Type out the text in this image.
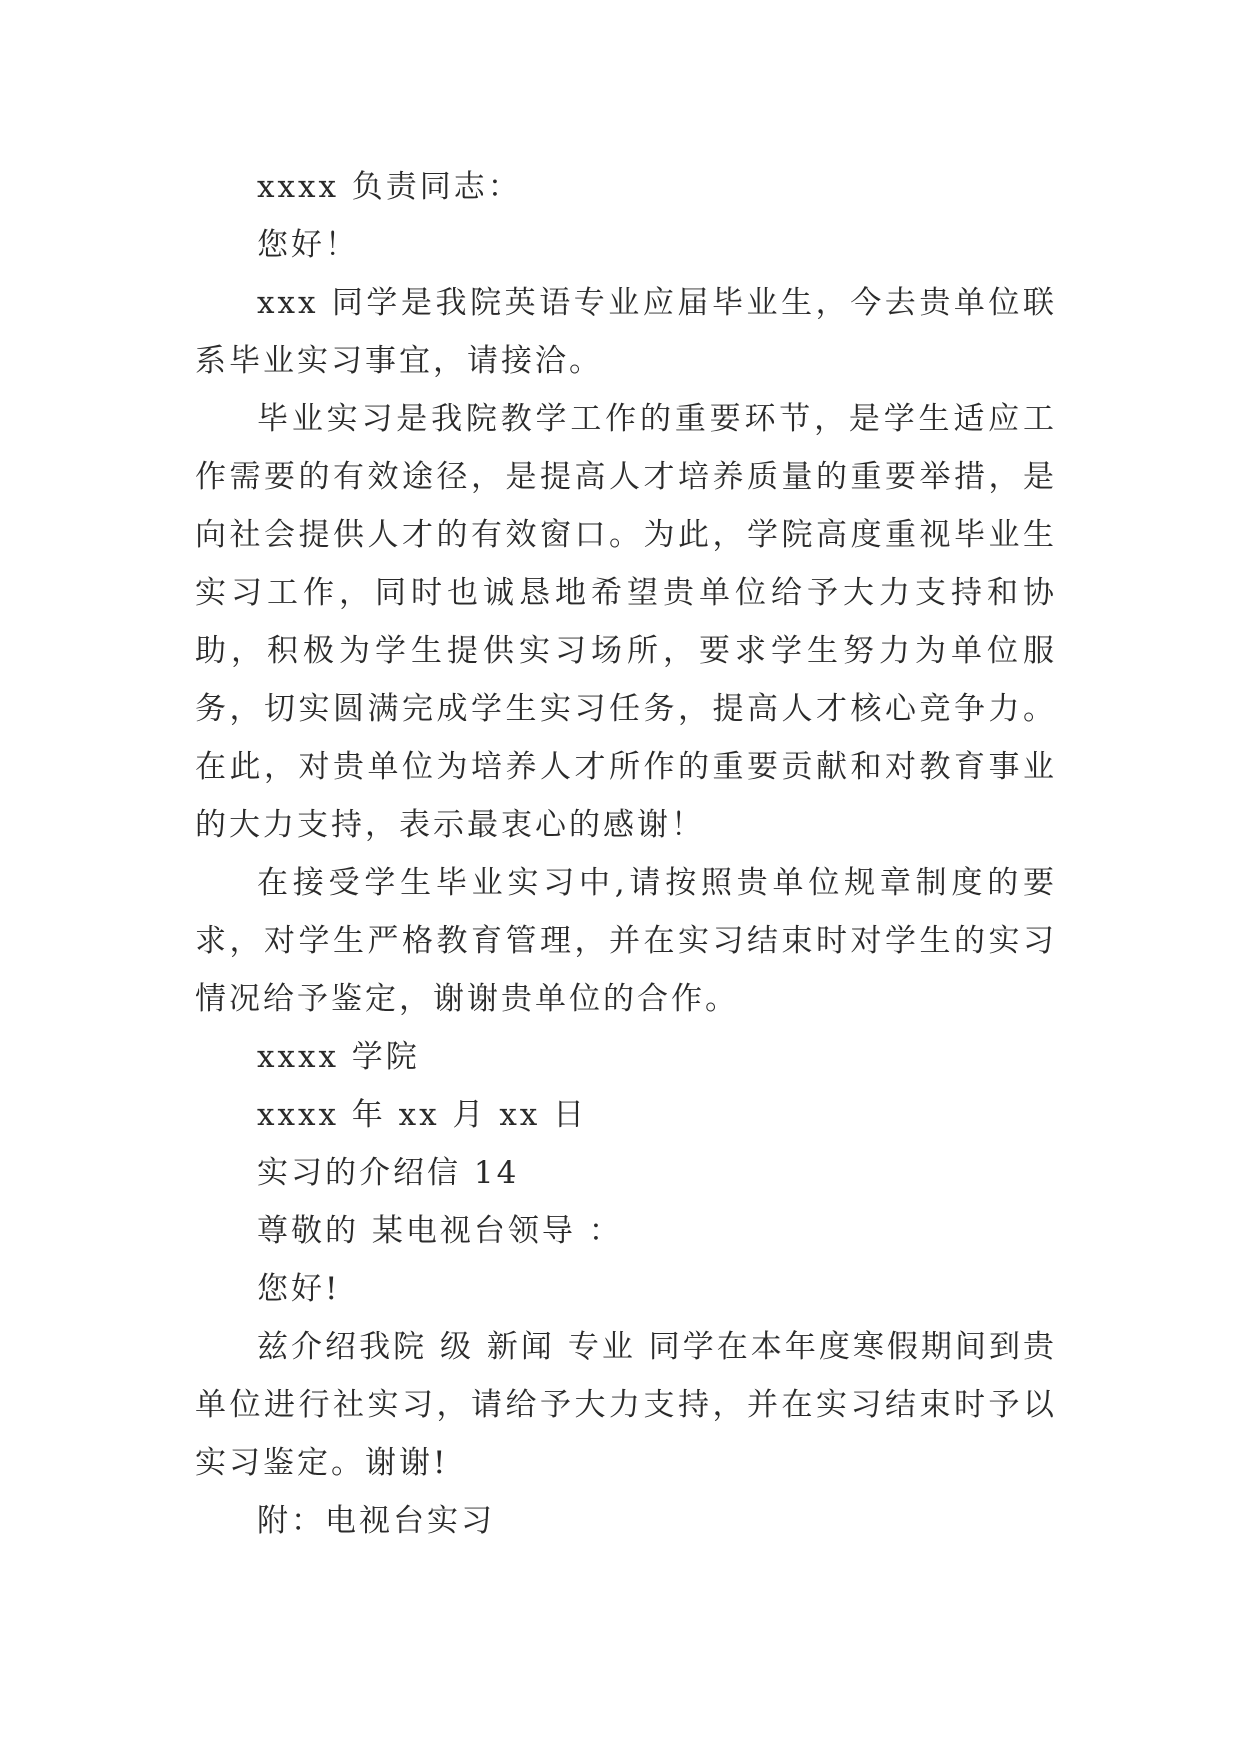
xxxx 负责同志：

您好！

xxx 同学是我院英语专业应届毕业生，今去贵单位联系毕业实习事宜，请接洽。

毕业实习是我院教学工作的重要环节，是学生适应工作需要的有效途径，是提高人才培养质量的重要举措，是向社会提供人才的有效窗口。为此，学院高度重视毕业生实习工作，同时也诚恳地希望贵单位给予大力支持和协助，积极为学生提供实习场所，要求学生努力为单位服务，切实圆满完成学生实习任务，提高人才核心竞争力。在此，对贵单位为培养人才所作的重要贡献和对教育事业的大力支持，表示最衷心的感谢！

在接受学生毕业实习中,请按照贵单位规章制度的要求，对学生严格教育管理，并在实习结束时对学生的实习情况给予鉴定，谢谢贵单位的合作。

xxxx 学院

xxxx 年 xx 月 xx 日

实习的介绍信 14

尊敬的 某电视台领导 ：

您好!

兹介绍我院 级 新闻 专业 同学在本年度寒假期间到贵单位进行社实习，请给予大力支持，并在实习结束时予以实习鉴定。谢谢!

附：电视台实习
